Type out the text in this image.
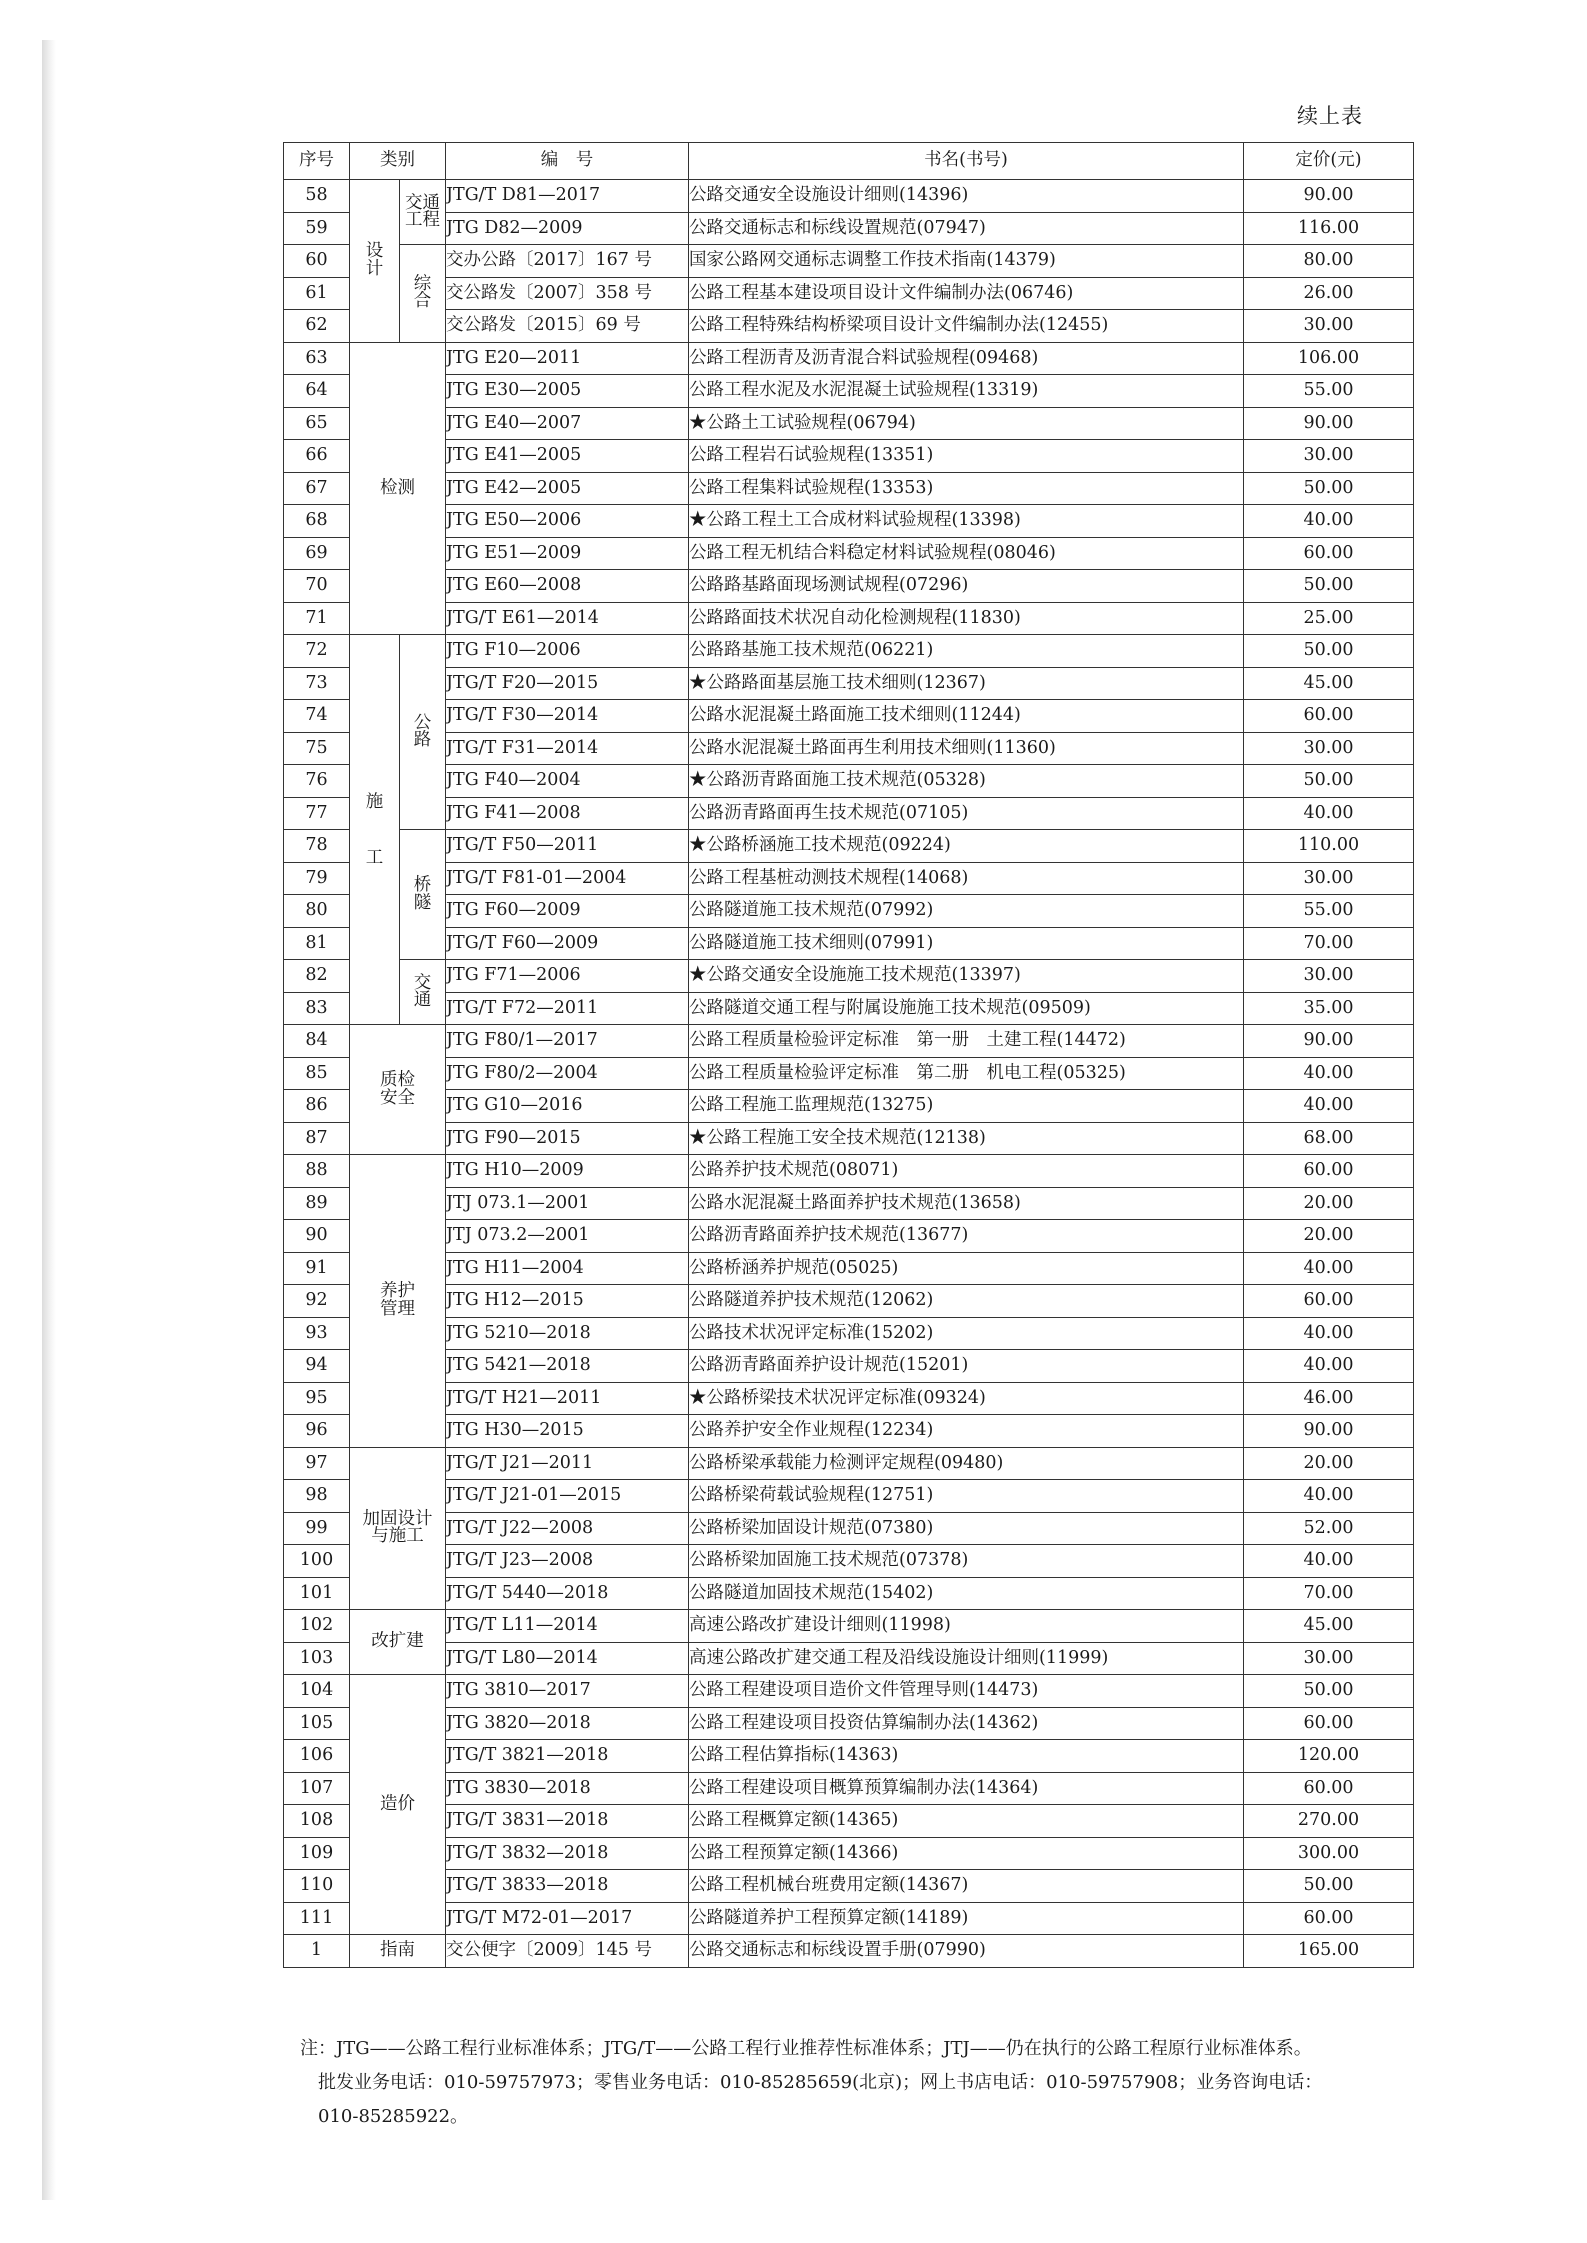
续上表
序号	类别		编　号	书名(书号)	定价(元)
58	设计	交通工程	JTG/T D81—2017	公路交通安全设施设计细则(14396)	90.00
59			JTG D82—2009	公路交通标志和标线设置规范(07947)	116.00
60		综合	交办公路〔2017〕167 号	国家公路网交通标志调整工作技术指南(14379)	80.00
61			交公路发〔2007〕358 号	公路工程基本建设项目设计文件编制办法(06746)	26.00
62			交公路发〔2015〕69 号	公路工程特殊结构桥梁项目设计文件编制办法(12455)	30.00
63	检测		JTG E20—2011	公路工程沥青及沥青混合料试验规程(09468)	106.00
64			JTG E30—2005	公路工程水泥及水泥混凝土试验规程(13319)	55.00
65			JTG E40—2007	★公路土工试验规程(06794)	90.00
66			JTG E41—2005	公路工程岩石试验规程(13351)	30.00
67			JTG E42—2005	公路工程集料试验规程(13353)	50.00
68			JTG E50—2006	★公路工程土工合成材料试验规程(13398)	40.00
69			JTG E51—2009	公路工程无机结合料稳定材料试验规程(08046)	60.00
70			JTG E60—2008	公路路基路面现场测试规程(07296)	50.00
71			JTG/T E61—2014	公路路面技术状况自动化检测规程(11830)	25.00
72	施工	公路	JTG F10—2006	公路路基施工技术规范(06221)	50.00
73			JTG/T F20—2015	★公路路面基层施工技术细则(12367)	45.00
74			JTG/T F30—2014	公路水泥混凝土路面施工技术细则(11244)	60.00
75			JTG/T F31—2014	公路水泥混凝土路面再生利用技术细则(11360)	30.00
76			JTG F40—2004	★公路沥青路面施工技术规范(05328)	50.00
77			JTG F41—2008	公路沥青路面再生技术规范(07105)	40.00
78		桥隧	JTG/T F50—2011	★公路桥涵施工技术规范(09224)	110.00
79			JTG/T F81-01—2004	公路工程基桩动测技术规程(14068)	30.00
80			JTG F60—2009	公路隧道施工技术规范(07992)	55.00
81			JTG/T F60—2009	公路隧道施工技术细则(07991)	70.00
82		交通	JTG F71—2006	★公路交通安全设施施工技术规范(13397)	30.00
83			JTG/T F72—2011	公路隧道交通工程与附属设施施工技术规范(09509)	35.00
84	质检安全		JTG F80/1—2017	公路工程质量检验评定标准　第一册　土建工程(14472)	90.00
85			JTG F80/2—2004	公路工程质量检验评定标准　第二册　机电工程(05325)	40.00
86			JTG G10—2016	公路工程施工监理规范(13275)	40.00
87			JTG F90—2015	★公路工程施工安全技术规范(12138)	68.00
88	养护管理		JTG H10—2009	公路养护技术规范(08071)	60.00
89			JTJ 073.1—2001	公路水泥混凝土路面养护技术规范(13658)	20.00
90			JTJ 073.2—2001	公路沥青路面养护技术规范(13677)	20.00
91			JTG H11—2004	公路桥涵养护规范(05025)	40.00
92			JTG H12—2015	公路隧道养护技术规范(12062)	60.00
93			JTG 5210—2018	公路技术状况评定标准(15202)	40.00
94			JTG 5421—2018	公路沥青路面养护设计规范(15201)	40.00
95			JTG/T H21—2011	★公路桥梁技术状况评定标准(09324)	46.00
96			JTG H30—2015	公路养护安全作业规程(12234)	90.00
97	加固设计与施工		JTG/T J21—2011	公路桥梁承载能力检测评定规程(09480)	20.00
98			JTG/T J21-01—2015	公路桥梁荷载试验规程(12751)	40.00
99			JTG/T J22—2008	公路桥梁加固设计规范(07380)	52.00
100			JTG/T J23—2008	公路桥梁加固施工技术规范(07378)	40.00
101			JTG/T 5440—2018	公路隧道加固技术规范(15402)	70.00
102	改扩建		JTG/T L11—2014	高速公路改扩建设计细则(11998)	45.00
103			JTG/T L80—2014	高速公路改扩建交通工程及沿线设施设计细则(11999)	30.00
104	造价		JTG 3810—2017	公路工程建设项目造价文件管理导则(14473)	50.00
105			JTG 3820—2018	公路工程建设项目投资估算编制办法(14362)	60.00
106			JTG/T 3821—2018	公路工程估算指标(14363)	120.00
107			JTG 3830—2018	公路工程建设项目概算预算编制办法(14364)	60.00
108			JTG/T 3831—2018	公路工程概算定额(14365)	270.00
109			JTG/T 3832—2018	公路工程预算定额(14366)	300.00
110			JTG/T 3833—2018	公路工程机械台班费用定额(14367)	50.00
111			JTG/T M72-01—2017	公路隧道养护工程预算定额(14189)	60.00
1	指南		交公便字〔2009〕145 号	公路交通标志和标线设置手册(07990)	165.00
注：JTG——公路工程行业标准体系；JTG/T——公路工程行业推荐性标准体系；JTJ——仍在执行的公路工程原行业标准体系。
批发业务电话：010-59757973；零售业务电话：010-85285659(北京)；网上书店电话：010-59757908；业务咨询电话：
010-85285922。
